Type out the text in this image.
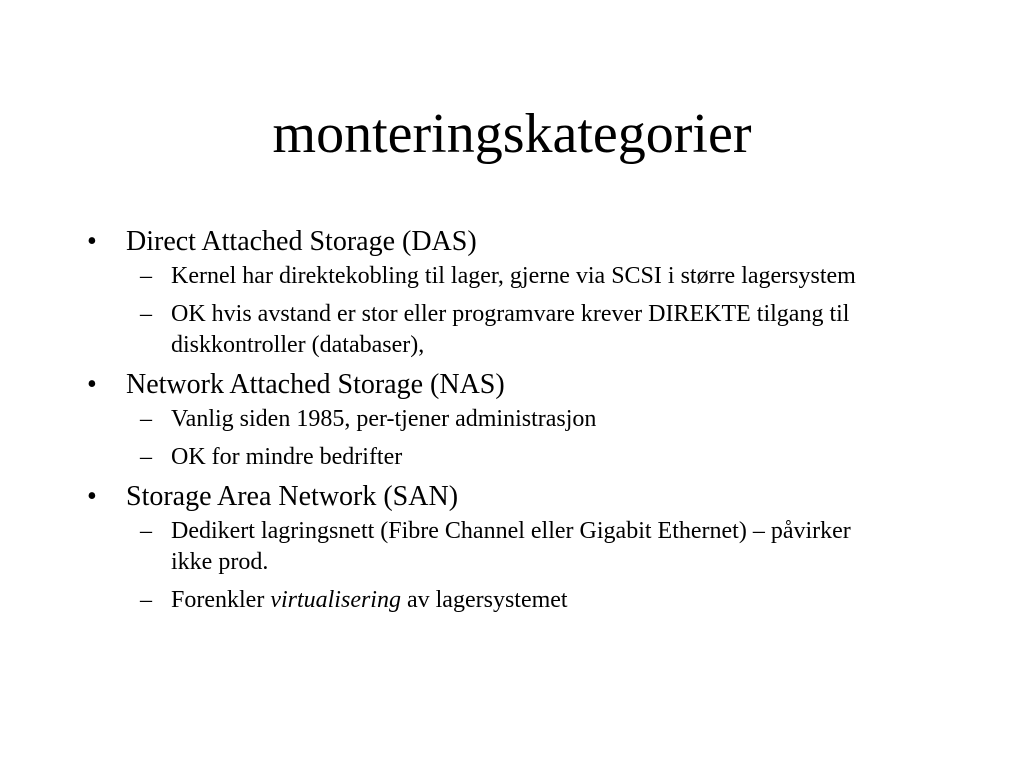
monteringskategorier

• Direct Attached Storage (DAS)

– Kernel har direktekobling til lager, gjerne via SCSI i større lagersystem

– OK hvis avstand er stor eller programvare krever DIREKTE tilgang til diskkontroller (databaser),

• Network Attached Storage (NAS)

– Vanlig siden 1985, per-tjener administrasjon

– OK for mindre bedrifter

• Storage Area Network (SAN)

– Dedikert lagringsnett (Fibre Channel eller Gigabit Ethernet) – påvirker ikke prod.

– Forenkler virtualisering av lagersystemet
